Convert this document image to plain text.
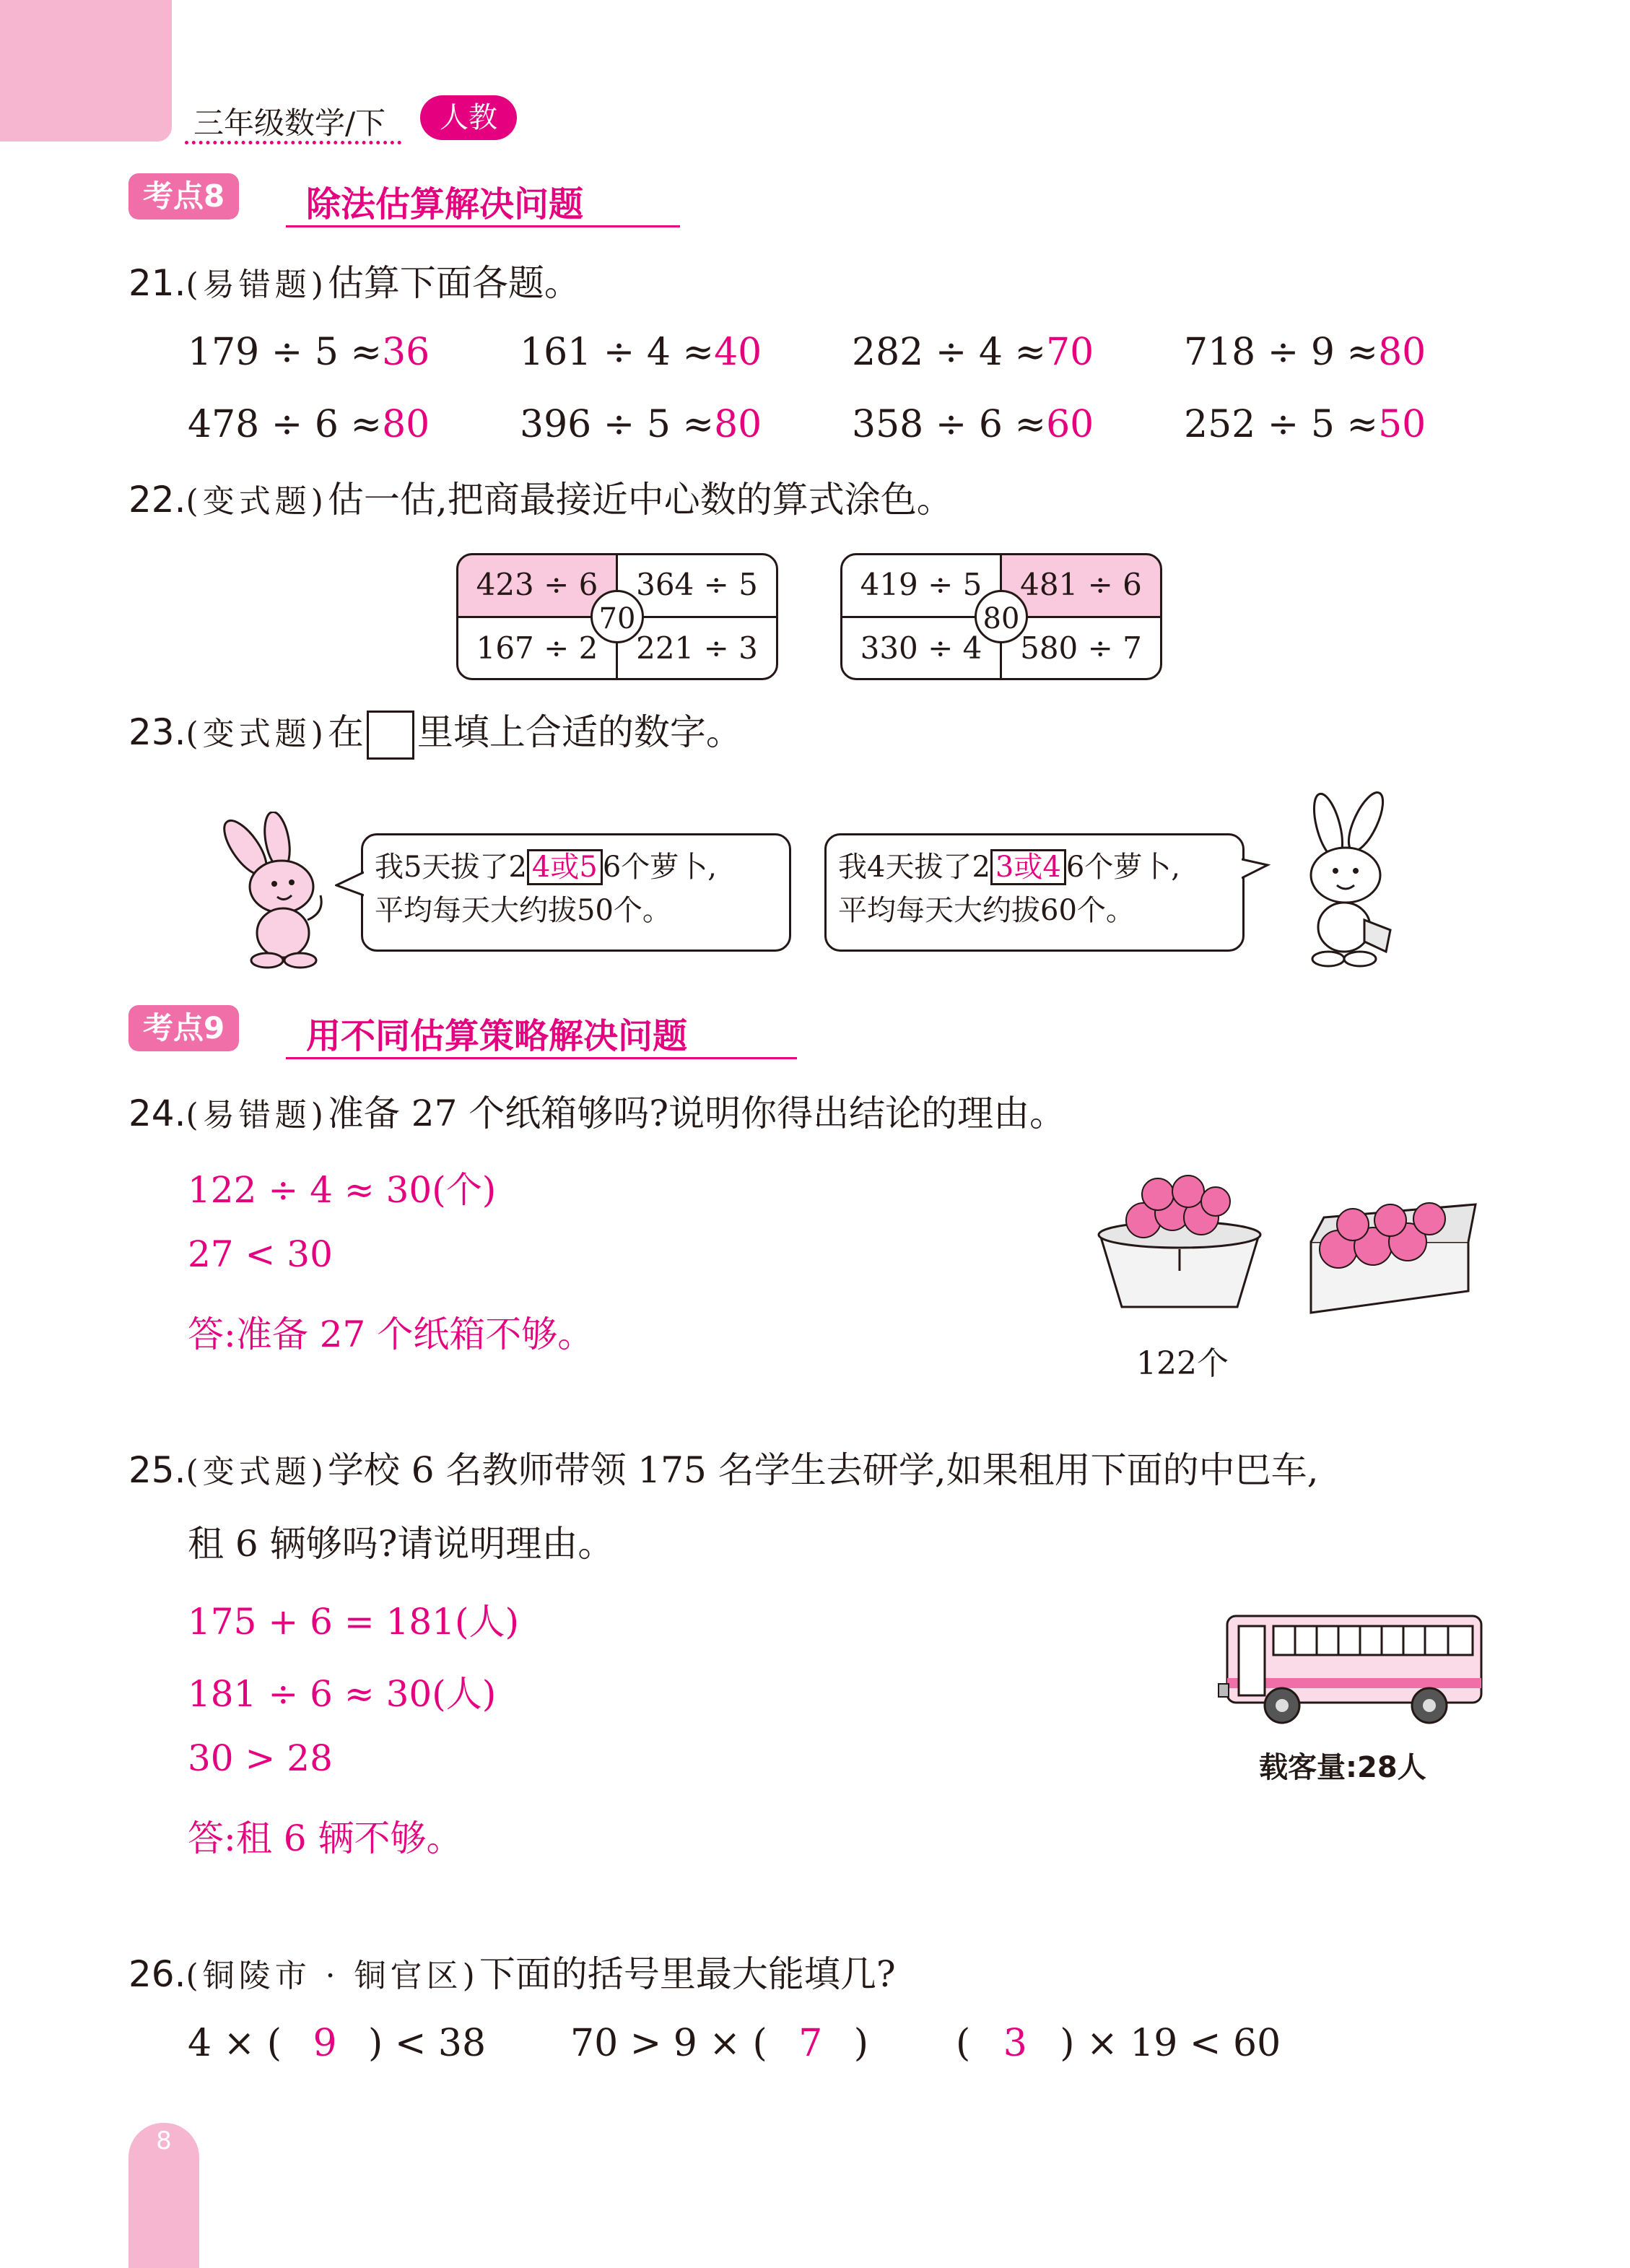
三年级数学/下	人教
考点8	除法估算解决问题
21.(易错题)估算下面各题。
179 ÷ 5 ≈36 161 ÷ 4 ≈40 282 ÷ 4 ≈70 718 ÷ 9 ≈80
478 ÷ 6 ≈80 396 ÷ 5 ≈80 358 ÷ 6 ≈60 252 ÷ 5 ≈50
22.(变式题)估一估,把商最接近中心数的算式涂色。
423 ÷ 6	364 ÷ 5
167 ÷ 2	221 ÷ 3
70
419 ÷ 5	481 ÷ 6
330 ÷ 4	580 ÷ 7
80
23.(变式题)在 里填上合适的数字。
我5天拔了2 4或5 6个萝卜,
平均每天大约拔50个。
我4天拔了2 3或4 6个萝卜,
平均每天大约拔60个。
考点9	用不同估算策略解决问题
24.(易错题)准备 27 个纸箱够吗?说明你得出结论的理由。
122 ÷ 4 ≈ 30(个)
27 < 30
答:准备 27 个纸箱不够。
122个
25.(变式题)学校 6 名教师带领 175 名学生去研学,如果租用下面的中巴车,
租 6 辆够吗?请说明理由。
175 + 6 = 181(人)
181 ÷ 6 ≈ 30(人)
30 > 28
答:租 6 辆不够。
载客量:28人
26.(铜陵市 · 铜官区)下面的括号里最大能填几?
4 × ( 9 ) < 38 70 > 9 × ( 7 ) ( 3 ) × 19 < 60
8
